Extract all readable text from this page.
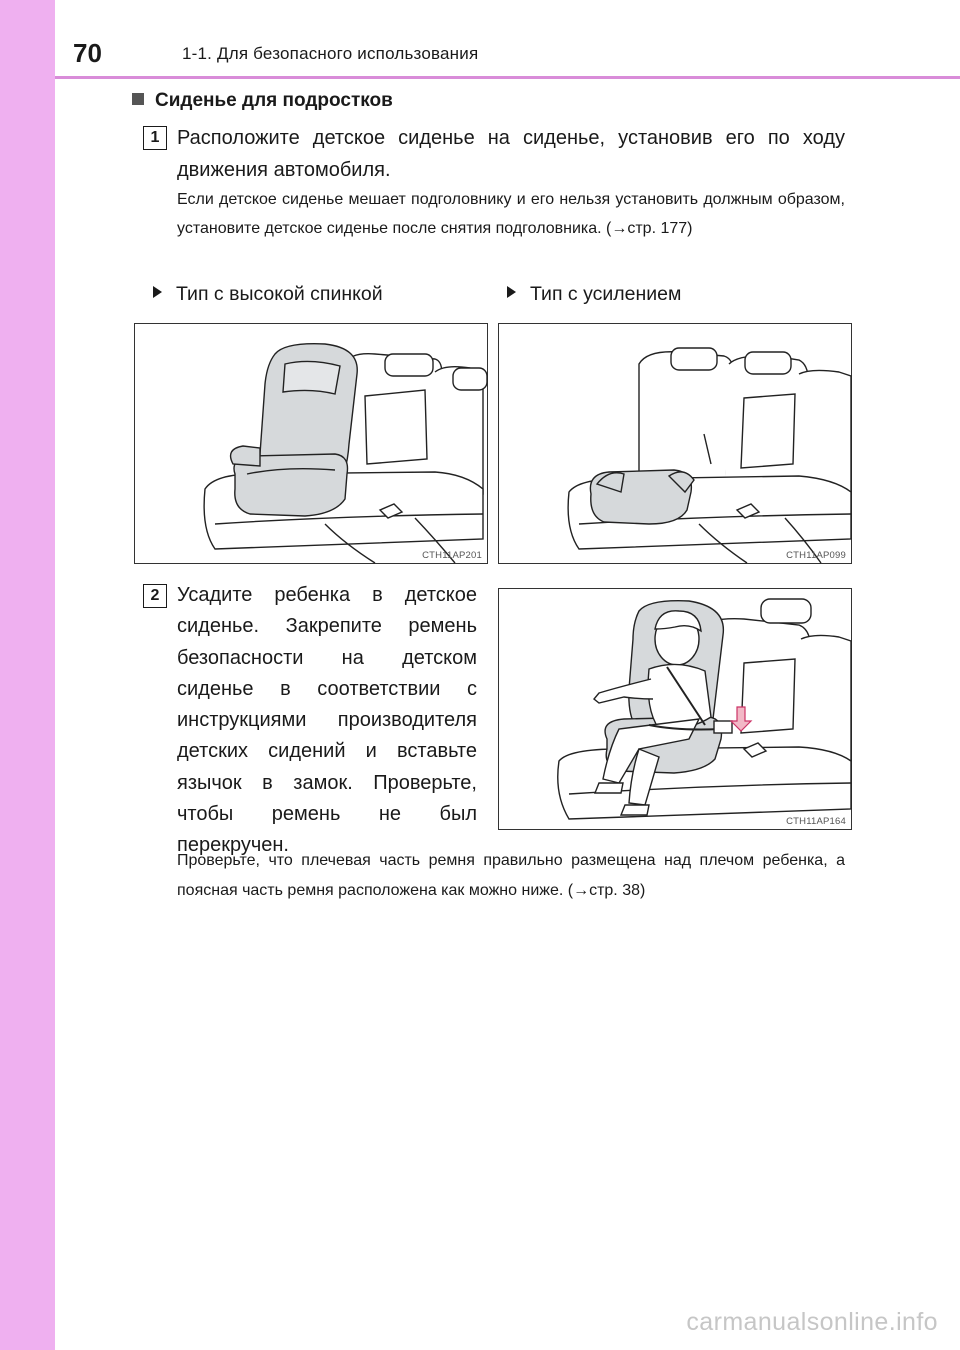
70	1-1. Для безопасного использования
Сиденье для подростков
1 Расположите детское сиденье на сиденье, установив его по ходу движения автомобиля.
Если детское сиденье мешает подголовнику и его нельзя установить должным образом, установите детское сиденье после снятия подголовника. (→стр. 177)
Тип с высокой спинкой	Тип с усилением
.
CTH11AP201	CTH11AP099
2 Усадите ребенка в детское сиденье. Закрепите ремень безопасности на детском сиденье в соответствии с инструкциями производителя детских сидений и вставьте язычок в замок. Проверьте, чтобы ремень не был перекручен.
CTH11AP164
Проверьте, что плечевая часть ремня правильно размещена над плечом ребенка, а поясная часть ремня расположена как можно ниже. (→стр. 38)
carmanualsonline.info
